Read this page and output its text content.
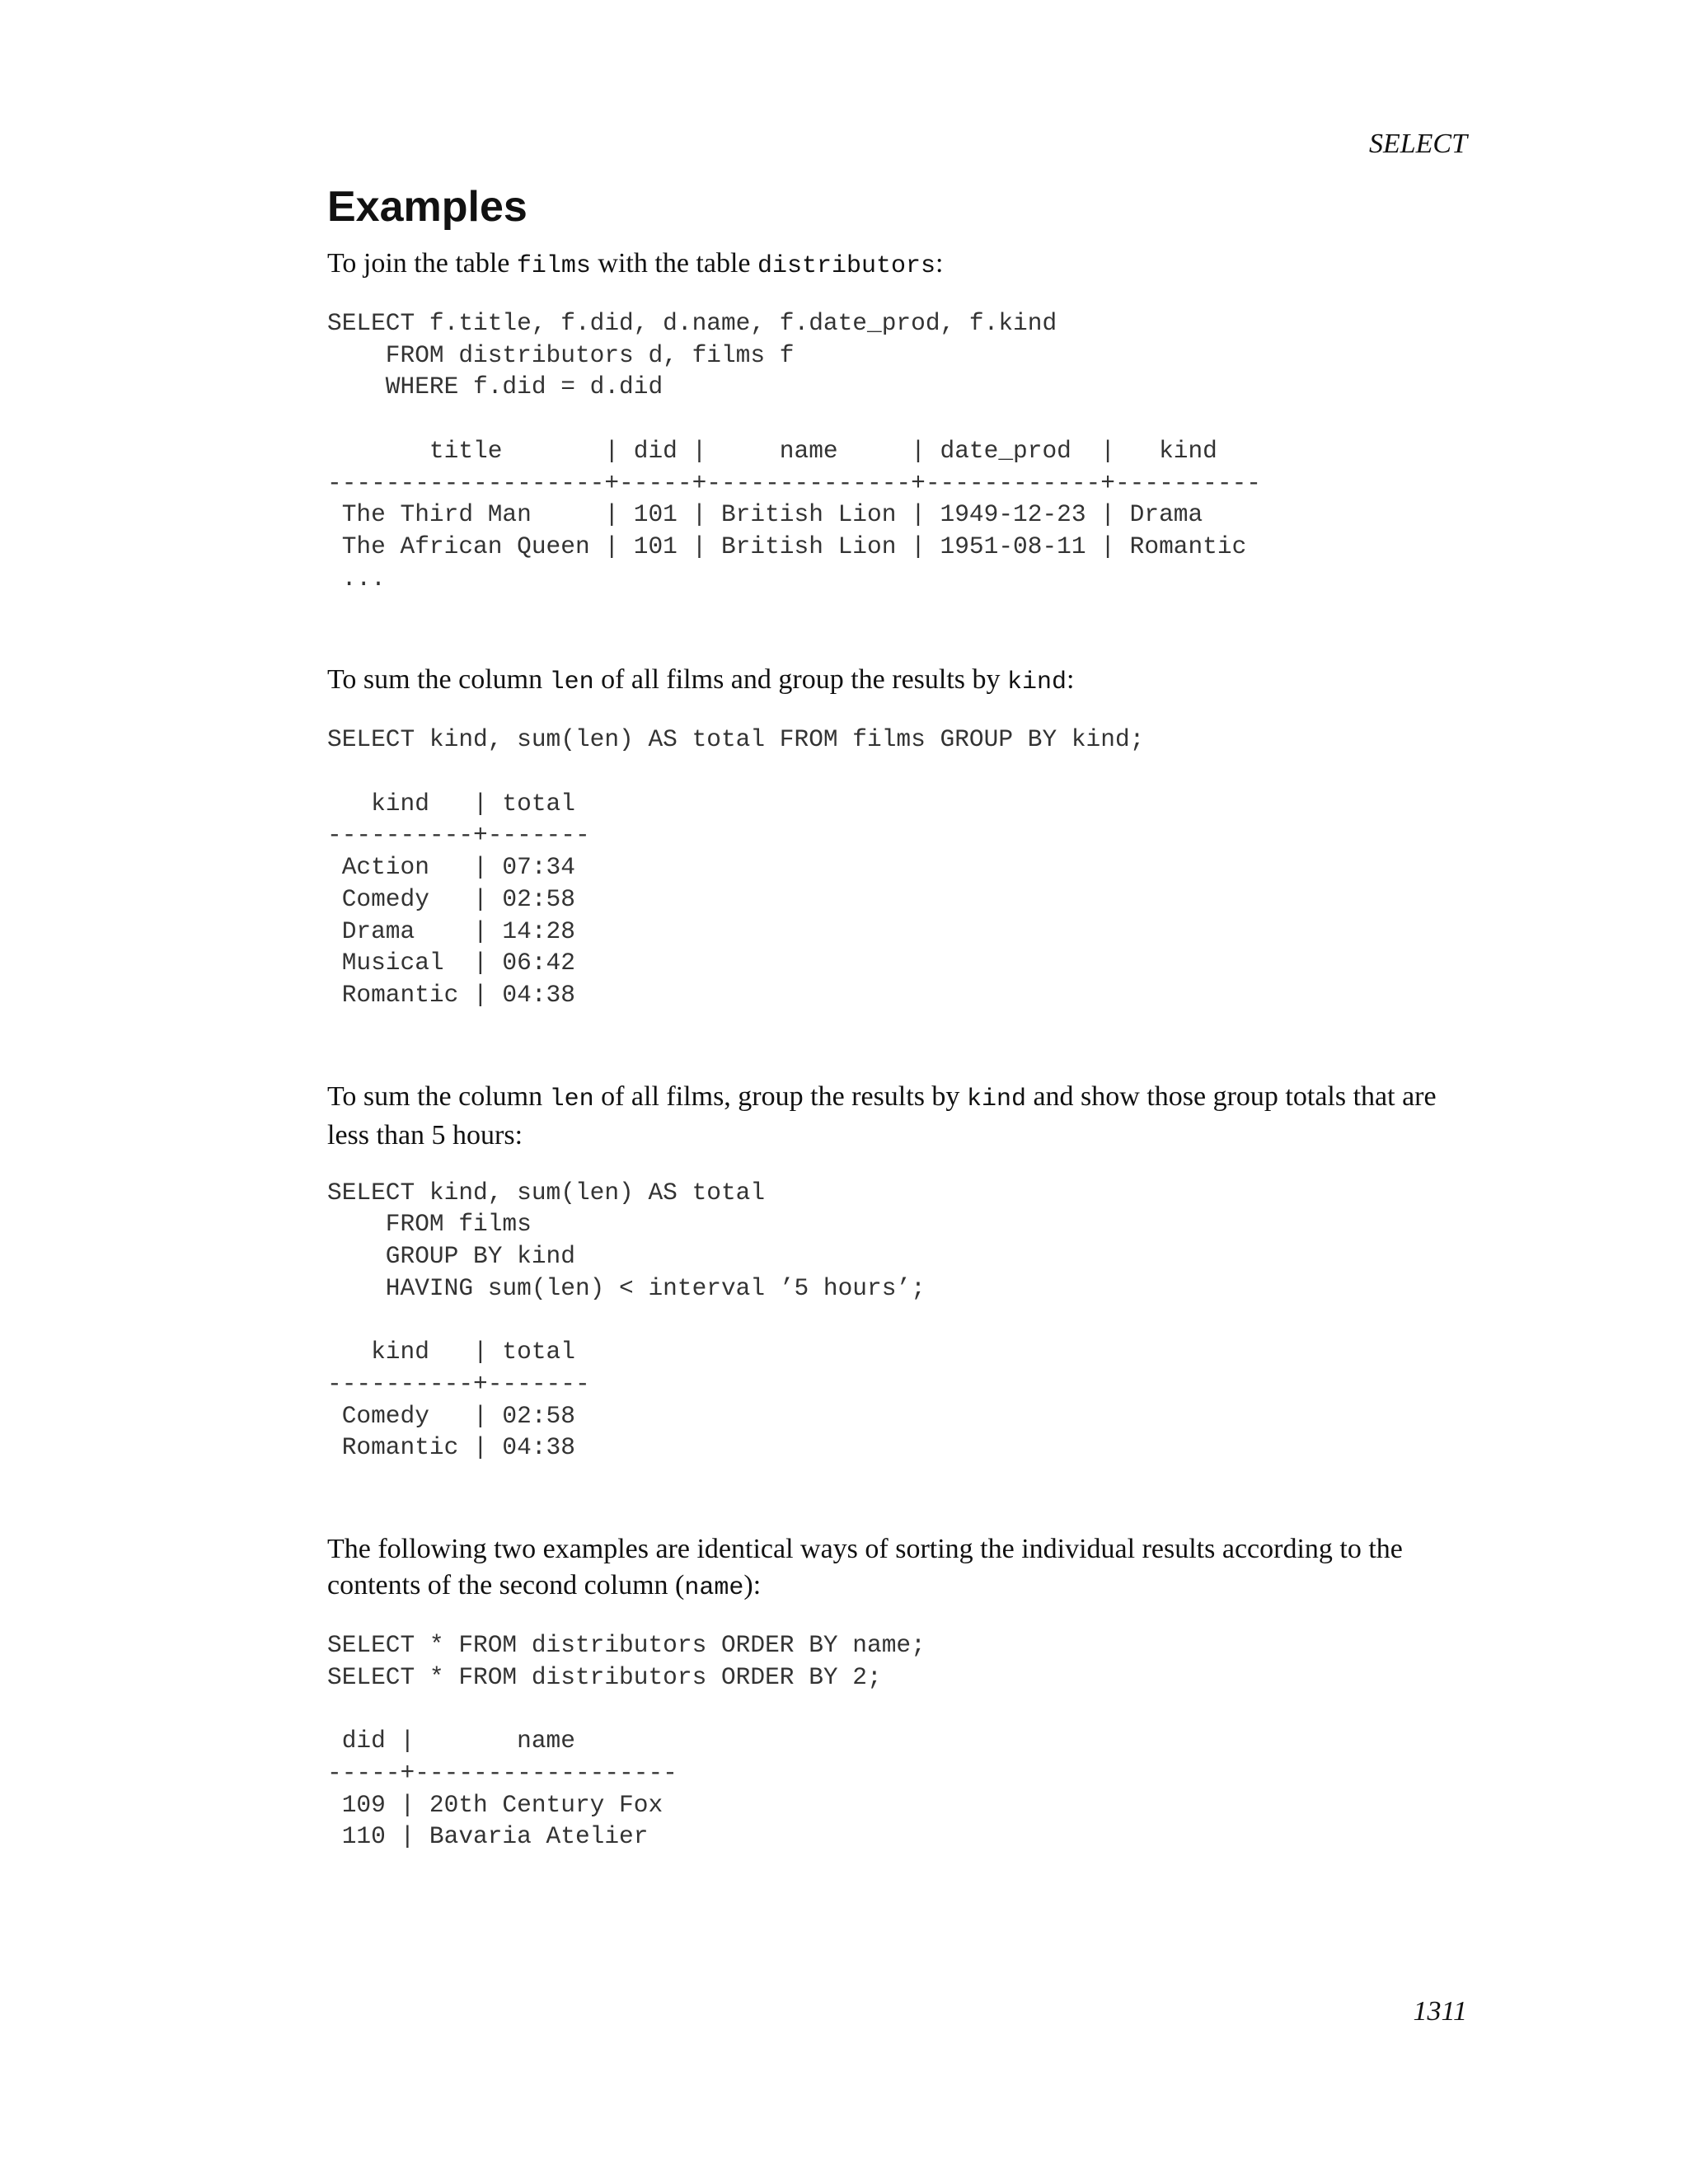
SELECT
Examples

To join the table films with the table distributors:

SELECT f.title, f.did, d.name, f.date_prod, f.kind
FROM distributors d, films f
WHERE f.did = d.did

title       | did |     name     | date_prod  |   kind
-------------------+-----+--------------+------------+----------
The Third Man     | 101 | British Lion | 1949-12-23 | Drama
The African Queen | 101 | British Lion | 1951-08-11 | Romantic
...

To sum the column len of all films and group the results by kind:

SELECT kind, sum(len) AS total FROM films GROUP BY kind;

kind   | total
----------+-------
Action   | 07:34
Comedy   | 02:58
Drama    | 14:28
Musical  | 06:42
Romantic | 04:38

To sum the column len of all films, group the results by kind and show those group totals that are less than 5 hours:

SELECT kind, sum(len) AS total
FROM films
GROUP BY kind
HAVING sum(len) < interval ’5 hours’;

kind   | total
----------+-------
Comedy   | 02:58
Romantic | 04:38

The following two examples are identical ways of sorting the individual results according to the contents of the second column (name):

SELECT * FROM distributors ORDER BY name;
SELECT * FROM distributors ORDER BY 2;

did |       name
-----+------------------
109 | 20th Century Fox
110 | Bavaria Atelier
1311
